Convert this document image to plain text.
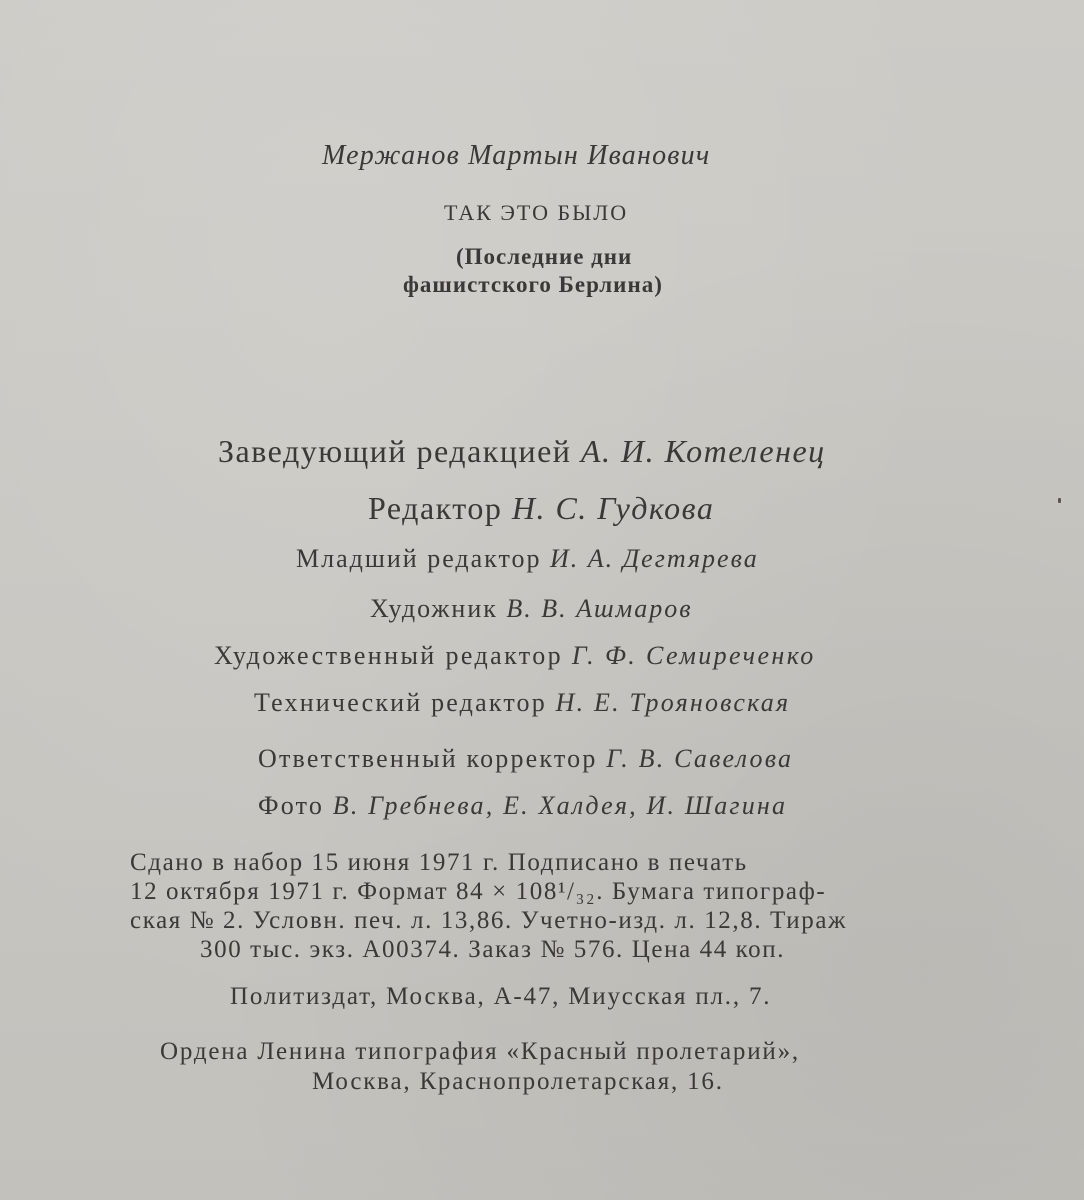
Мержанов Мартын Иванович
ТАК ЭТО БЫЛО
(Последние дни
фашистского Берлина)
Заведующий редакцией А. И. Котеленец
Редактор Н. С. Гудкова
Младший редактор И. А. Дегтярева
Художник В. В. Ашмаров
Художественный редактор Г. Ф. Семиреченко
Технический редактор Н. Е. Трояновская
Ответственный корректор Г. В. Савелова
Фото В. Гребнева, Е. Халдея, И. Шагина
Сдано в набор 15 июня 1971 г. Подписано в печать
12 октября 1971 г. Формат 84 × 108¹/₃₂. Бумага типограф-
ская № 2. Условн. печ. л. 13,86. Учетно-изд. л. 12,8. Тираж
300 тыс. экз. А00374. Заказ № 576. Цена 44 коп.
Политиздат, Москва, А-47, Миусская пл., 7.
Ордена Ленина типография «Красный пролетарий»,
Москва, Краснопролетарская, 16.
